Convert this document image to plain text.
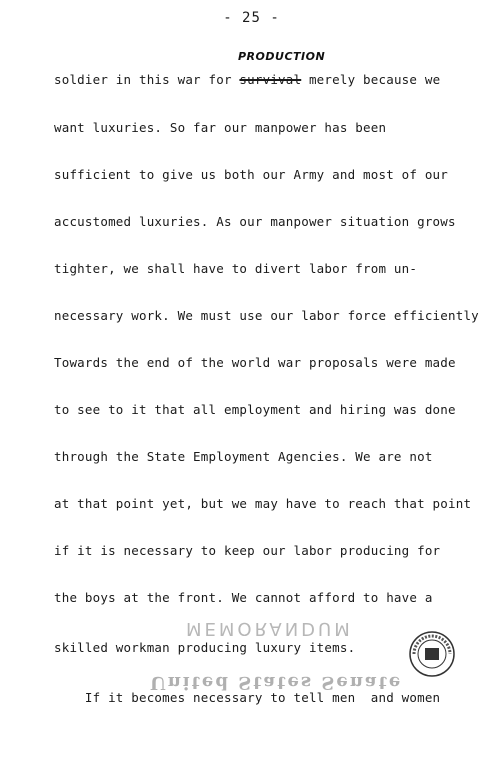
- 25 -
PRODUCTION
soldier in this war for survival merely because we
want luxuries. So far our manpower has been
sufficient to give us both our Army and most of our
accustomed luxuries. As our manpower situation grows
tighter, we shall have to divert labor from un-
necessary work. We must use our labor force efficiently
Towards the end of the world war proposals were made
to see to it that all employment and hiring was done
through the State Employment Agencies. We are not
at that point yet, but we may have to reach that point
if it is necessary to keep our labor producing for
the boys at the front. We cannot afford to have a
MEMORANDUM
skilled workman producing luxury items.
United States Senate
If it becomes necessary to tell men  and women
